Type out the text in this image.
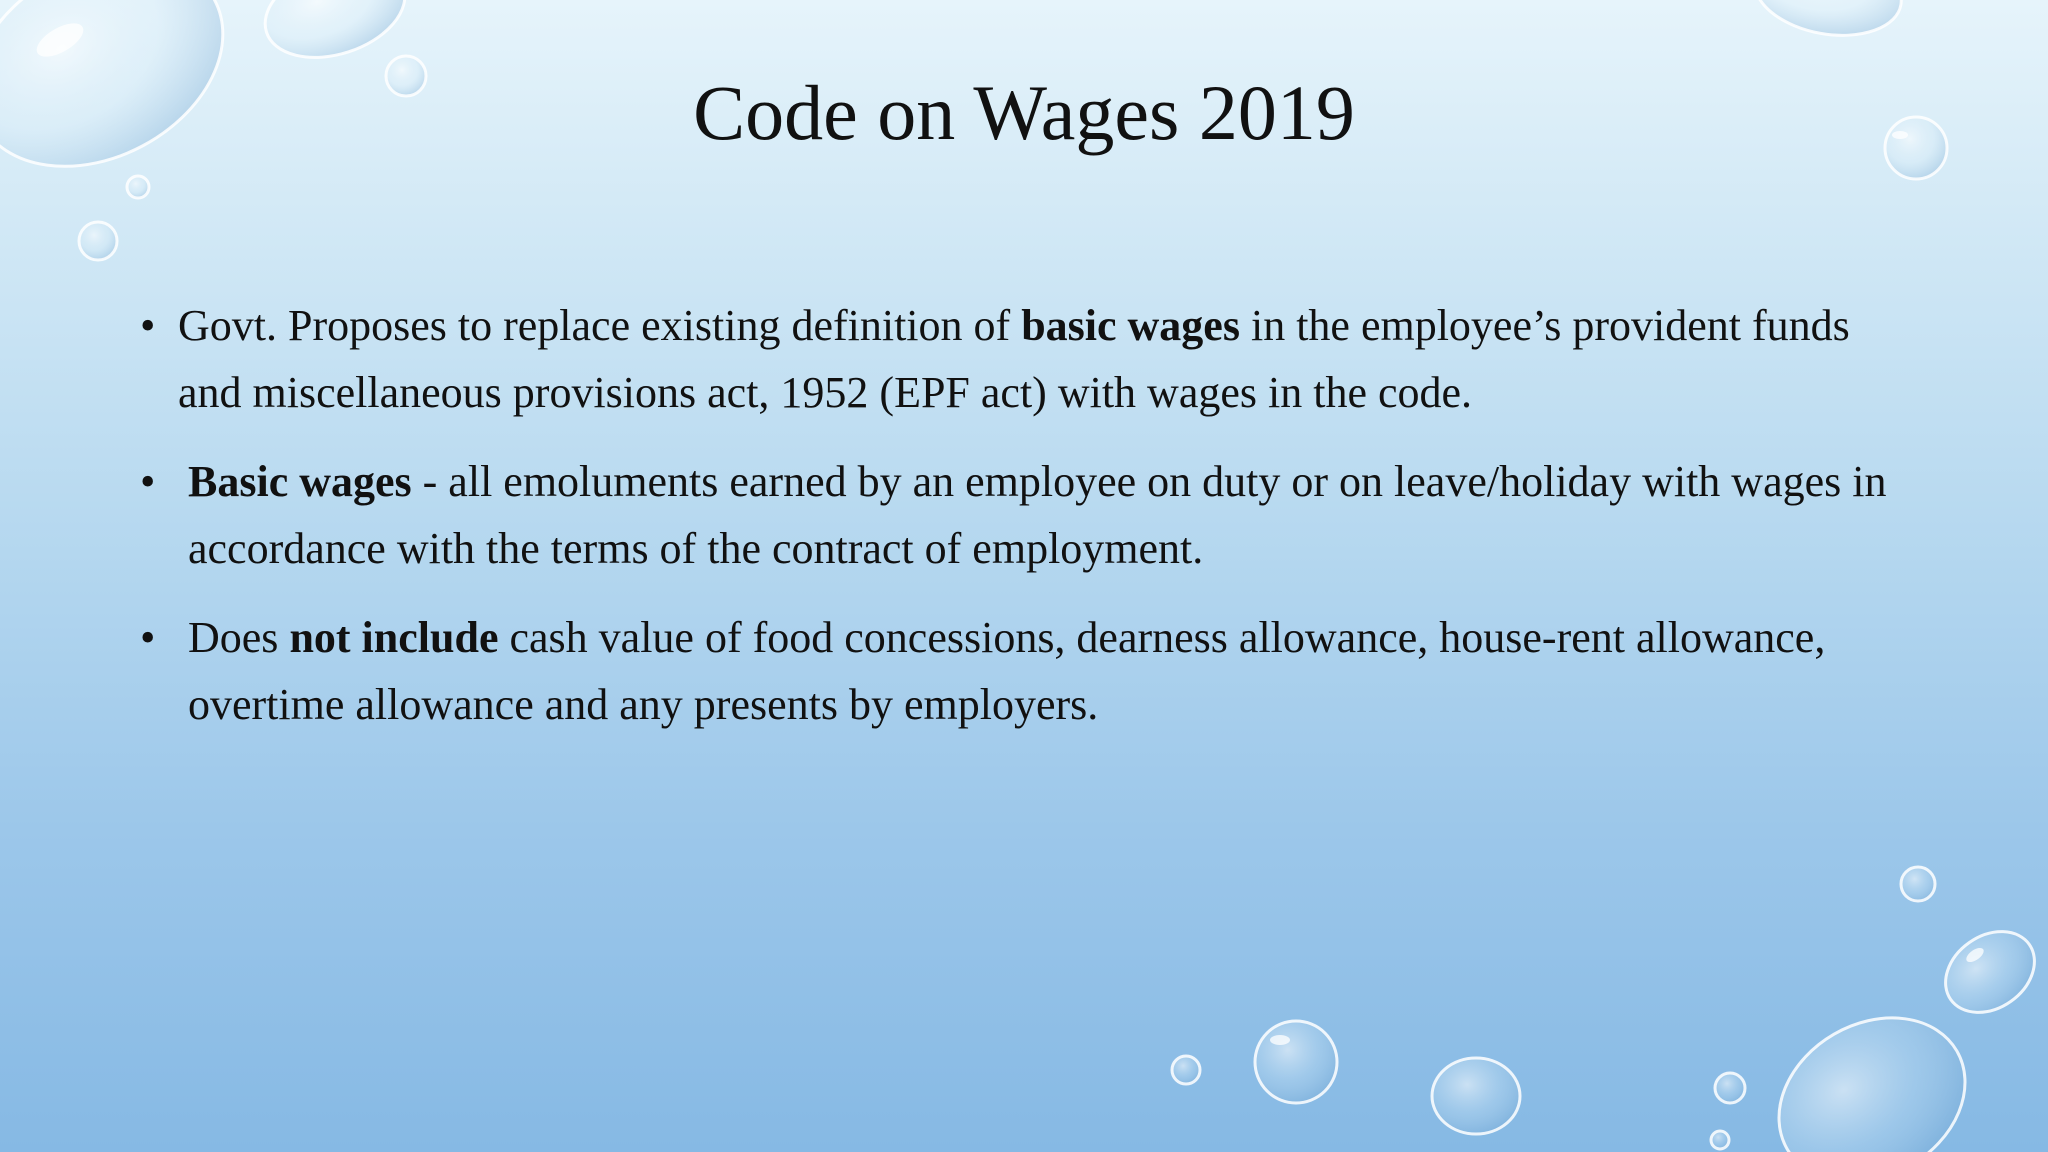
Code on Wages 2019
• Govt. Proposes to replace existing definition of basic wages in the employee’s provident funds and miscellaneous provisions act, 1952 (EPF act) with wages in the code.
• Basic wages - all emoluments earned by an employee on duty or on leave/holiday with wages in accordance with the terms of the contract of employment.
• Does not include cash value of food concessions, dearness allowance, house-rent allowance, overtime allowance and any presents by employers.
